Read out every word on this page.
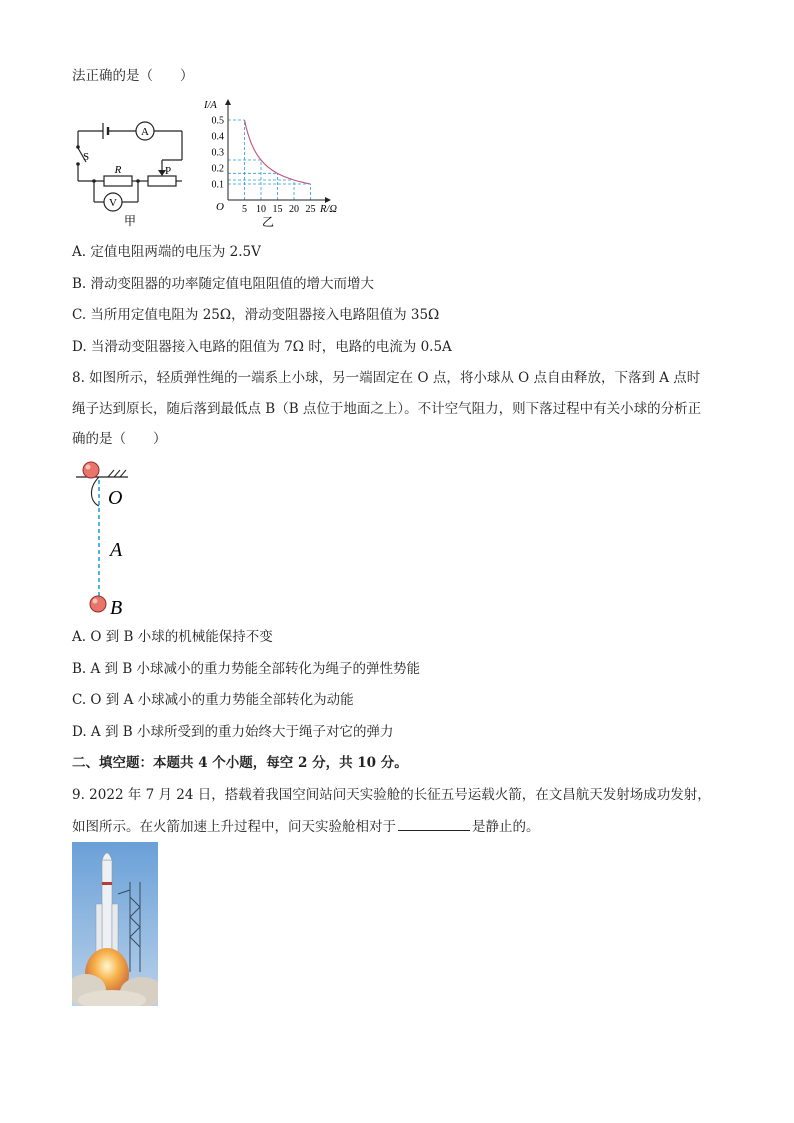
法正确的是（　　）
A
S
R	P
V
甲
0.5
0.4
0.3
0.2
0.1
5 10 15 20 25
I/A
O	R/Ω
乙
A. 定值电阻两端的电压为 2.5V
B. 滑动变阻器的功率随定值电阻阻值的增大而增大
C. 当所用定值电阻为 25Ω，滑动变阻器接入电路阻值为 35Ω
D. 当滑动变阻器接入电路的阻值为 7Ω 时，电路的电流为 0.5A
8. 如图所示，轻质弹性绳的一端系上小球，另一端固定在 O 点，将小球从 O 点自由释放，下落到 A 点时
绳子达到原长，随后落到最低点 B（B 点位于地面之上）。不计空气阻力，则下落过程中有关小球的分析正
确的是（　　）
O
A
B
A. O 到 B 小球的机械能保持不变
B. A 到 B 小球减小的重力势能全部转化为绳子的弹性势能
C. O 到 A 小球减小的重力势能全部转化为动能
D. A 到 B 小球所受到的重力始终大于绳子对它的弹力
二、填空题：本题共 4 个小题，每空 2 分，共 10 分。
9. 2022 年 7 月 24 日，搭载着我国空间站问天实验舱的长征五号运载火箭，在文昌航天发射场成功发射，
如图所示。在火箭加速上升过程中，问天实验舱相对于	是静止的。
